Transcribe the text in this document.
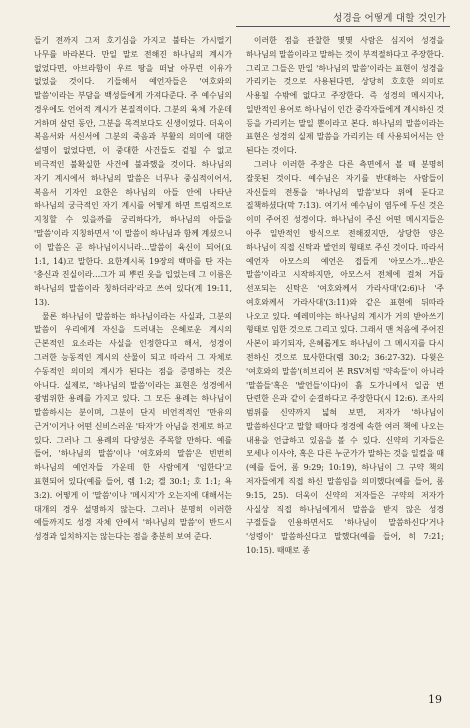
성경을 어떻게 대할 것인가

들기 전까지 그저 호기심을 가지고 불타는 가시떨기 나무를 바라본다. 만일 말로 전해진 하나님의 계시가 없었다면, 아브라함이 우르 땅을 떠날 아무런 이유가 없었을 것이다. 기들해서 예언자들은 '여호와의 말씀'이라는 부담을 백성들에게 가져다준다. 주 예수님의 경우에도 언어적 계시가 본질적이다. 그분의 육체 가운데 거하며 살던 동안, 그분을 목격보다도 신생이었다. 더욱이 복음서와 서신서에 그분의 죽음과 부활의 의미에 대한 설명이 없었다면, 이 중대한 사건들도 겉될 수 없고 비극적인 불확실한 사건에 불과했을 것이다. 하나님의 자기 계시에서 하나님의 말씀은 너무나 중심적이어서, 복음서 기자인 요한은 하나님의 아들 안에 나타난 하나님의 궁극적인 자기 계시를 어떻게 하면 트림적으로 지칭할 수 있을까를 궁리하다가, 하나님의 아들을 '말씀'이라 지칭하면서 '이 말씀이 하나님과 함께 계셨으니 이 말씀은 곧 하나님이시니라…말씀이 육신이 되어(요 1:1, 14)고 말한다. 요한계시록 19장의 백마를 탄 자는 '충신과 진실이라…그가 피 뿌린 옷을 입었는데 그 이름은 하나님의 말씀이라 칭하더라'라고 쓰여 있다(계 19:11, 13).

물론 하나님이 말씀하는 하나님이라는 사실과, 그분의 말씀이 우리에게 자신을 드러내는 은혜로운 계시의 근본적인 요소라는 사실을 인정한다고 해서, 성경이 그러한 능동적인 계시의 산물이 되고 따라서 그 자체로 수동적인 의미의 계시가 된다는 점을 증명하는 것은 아니다. 실제로, '하나님의 말씀'이라는 표현은 성경에서 광범위한 용례를 가지고 있다. 그 모든 용례는 하나님이 말씀하시는 분이며, 그분이 단지 비언적적인 '만유의 근거'이거나 어떤 신비스러운 '타자'가 아님을 전제로 하고 있다. 그러나 그 용례의 다양성은 주목할 만하다. 예를 들어, '하나님의 말씀'이나 '여호와의 말씀'은 빈번히 하나님의 예언자들 가운데 한 사람에게 '임한다'고 표현되어 있다(예를 들어, 렘 1:2; 겔 30:1; 호 1:1; 욕 3:2). 어떻게 이 '말씀'이나 '메시지'가 오는지에 대해서는 대개의 경우 설명하지 않는다. 그러나 분명히 이러한 예들까지도 성경 자체 안에서 '하나님의 말씀'이 반드시 성경과 일치하지는 않는다는 점을 충분히 보여 준다.

이러한 점을 관찰한 몇몇 사람은 심지어 성경을 하나님의 말씀이라고 말하는 것이 부적절하다고 주장한다. 그리고 그들은 만일 '하나님의 말씀'이라는 표현이 성경을 가리키는 것으로 사용된다면, 상당히 호호한 의미로 사용될 수밖에 없다고 주장한다. 즉 성경의 메시지나, 일반적인 용어로 하나님이 인간 중각자들에게 계시하신 것 등을 가리키는 말일 뿐이라고 본다. 하나님의 말씀이라는 표현은 성경의 실제 말씀을 가리키는 데 사용되어서는 안 된다는 것이다.

그러나 이러한 주장은 다른 측면에서 볼 때 분명히 잘못된 것이다. 예수님은 자기를 반대하는 사람들이 자신들의 전통을 '하나님의 말씀'보다 위에 둔다고 질책하셨다(막 7:13). 여기서 예수님이 염두에 두신 것은 이미 주어진 성경이다. 하나님이 주신 어떤 메시지들은 아주 일반적인 방식으로 전해졌지만, 상당한 양은 하나님이 직접 신탁과 발언의 형태로 주신 것이다. 따라서 예언자 아모스의 예언은 접들게 '아모스가…받은 말씀'이라고 시작하지만, 아모스서 전체에 걸쳐 거듭 선포되는 신탁은 '여호와께서 가라사대'(2:6)나 '주 여호와께서 가라사대'(3:11)와 같은 표현에 뒤따라 나오고 있다. 예레미야는 하나님의 계시가 거의 받아쓰기 형태로 임한 것으로 그리고 있다. 그래서 맨 처음에 주어진 사본이 파기되자, 은혜롭게도 하나님이 그 메시지를 다시 전하신 것으로 묘사한다(렘 30:2; 36:27-32). 다윗은 '여호와의 말씀'(히브리어 본 RSV처럼 '약속들'이 아니라 '말씀들'혹은 '발언들'이다)이 흙 도가니에서 일곱 번 단련한 은과 같이 순결하다고 주장한다(시 12:6). 조사의 범위를 신약까지 넓혀 보면, 저자가 '하나님이 말씀하신다'고 말할 때마다 정경에 속한 여러 책에 나오는 내용을 언급하고 있음을 볼 수 있다. 신약의 기자들은 모세나 이사야, 혹은 다른 누군가가 말하는 것을 일컬을 때(예를 들어, 롬 9:29; 10:19), 하나님이 그 구약 책의 저자들에게 직접 하신 말씀임을 의미했다(예를 들어, 롬 9:15, 25). 더욱이 신약의 저자들은 구약의 저자가 사실상 직접 하나님에게서 말씀을 받지 않은 성경 구절들을 인용하면서도 '하나님이 말씀하신다'거나 '성령이' 말씀하신다고 말했다(예를 들어, 히 7:21; 10:15). 때때로 종

19
